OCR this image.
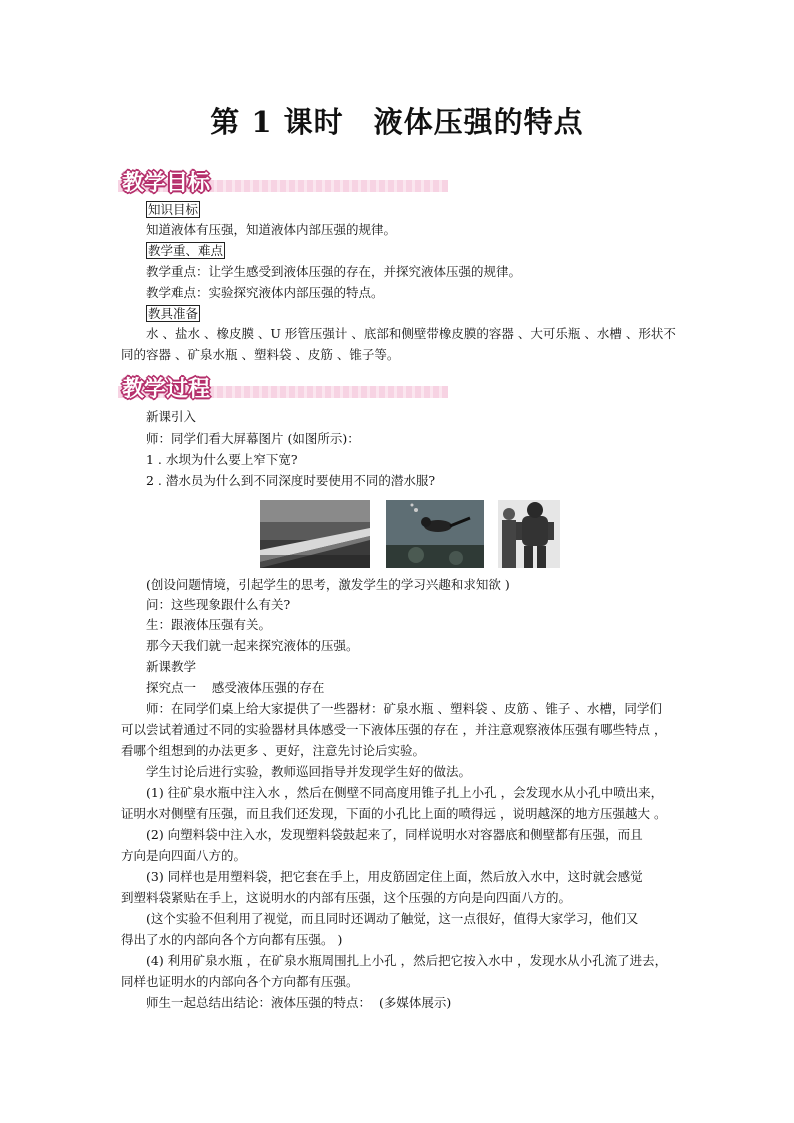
第 1 课时 液体压强的特点
教学目标
知识目标
知道液体有压强，知道液体内部压强的规律。
教学重、难点
教学重点：让学生感受到液体压强的存在，并探究液体压强的规律。
教学难点：实验探究液体内部压强的特点。
教具准备
水 、盐水 、橡皮膜 、U 形管压强计 、底部和侧壁带橡皮膜的容器 、大可乐瓶 、水槽 、形状不
同的容器 、矿泉水瓶 、塑料袋 、皮筋 、锥子等。
教学过程
新课引入
师：同学们看大屏幕图片 (如图所示)：
1 . 水坝为什么要上窄下宽?
2 . 潜水员为什么到不同深度时要使用不同的潜水服?
(创设问题情境，引起学生的思考，激发学生的学习兴趣和求知欲 )
问：这些现象跟什么有关?
生：跟液体压强有关。
那今天我们就一起来探究液体的压强。
新课教学
探究点一    感受液体压强的存在
师：在同学们桌上给大家提供了一些器材：矿泉水瓶 、塑料袋 、皮筋 、锥子 、水槽，同学们
可以尝试着通过不同的实验器材具体感受一下液体压强的存在 ，并注意观察液体压强有哪些特点 ，
看哪个组想到的办法更多 、更好，注意先讨论后实验。
学生讨论后进行实验，教师巡回指导并发现学生好的做法。
(1) 往矿泉水瓶中注入水 ，然后在侧壁不同高度用锥子扎上小孔 ，会发现水从小孔中喷出来，
证明水对侧壁有压强，而且我们还发现，下面的小孔比上面的喷得远 ，说明越深的地方压强越大 。
(2) 向塑料袋中注入水，发现塑料袋鼓起来了，同样说明水对容器底和侧壁都有压强，而且
方向是向四面八方的。
(3) 同样也是用塑料袋，把它套在手上，用皮筋固定住上面，然后放入水中，这时就会感觉
到塑料袋紧贴在手上，这说明水的内部有压强，这个压强的方向是向四面八方的。
(这个实验不但利用了视觉，而且同时还调动了触觉，这一点很好，值得大家学习，他们又
得出了水的内部向各个方向都有压强。 )
(4) 利用矿泉水瓶 ，在矿泉水瓶周围扎上小孔 ，然后把它按入水中 ，发现水从小孔流了进去，
同样也证明水的内部向各个方向都有压强。
师生一起总结出结论：液体压强的特点：  (多媒体展示)
